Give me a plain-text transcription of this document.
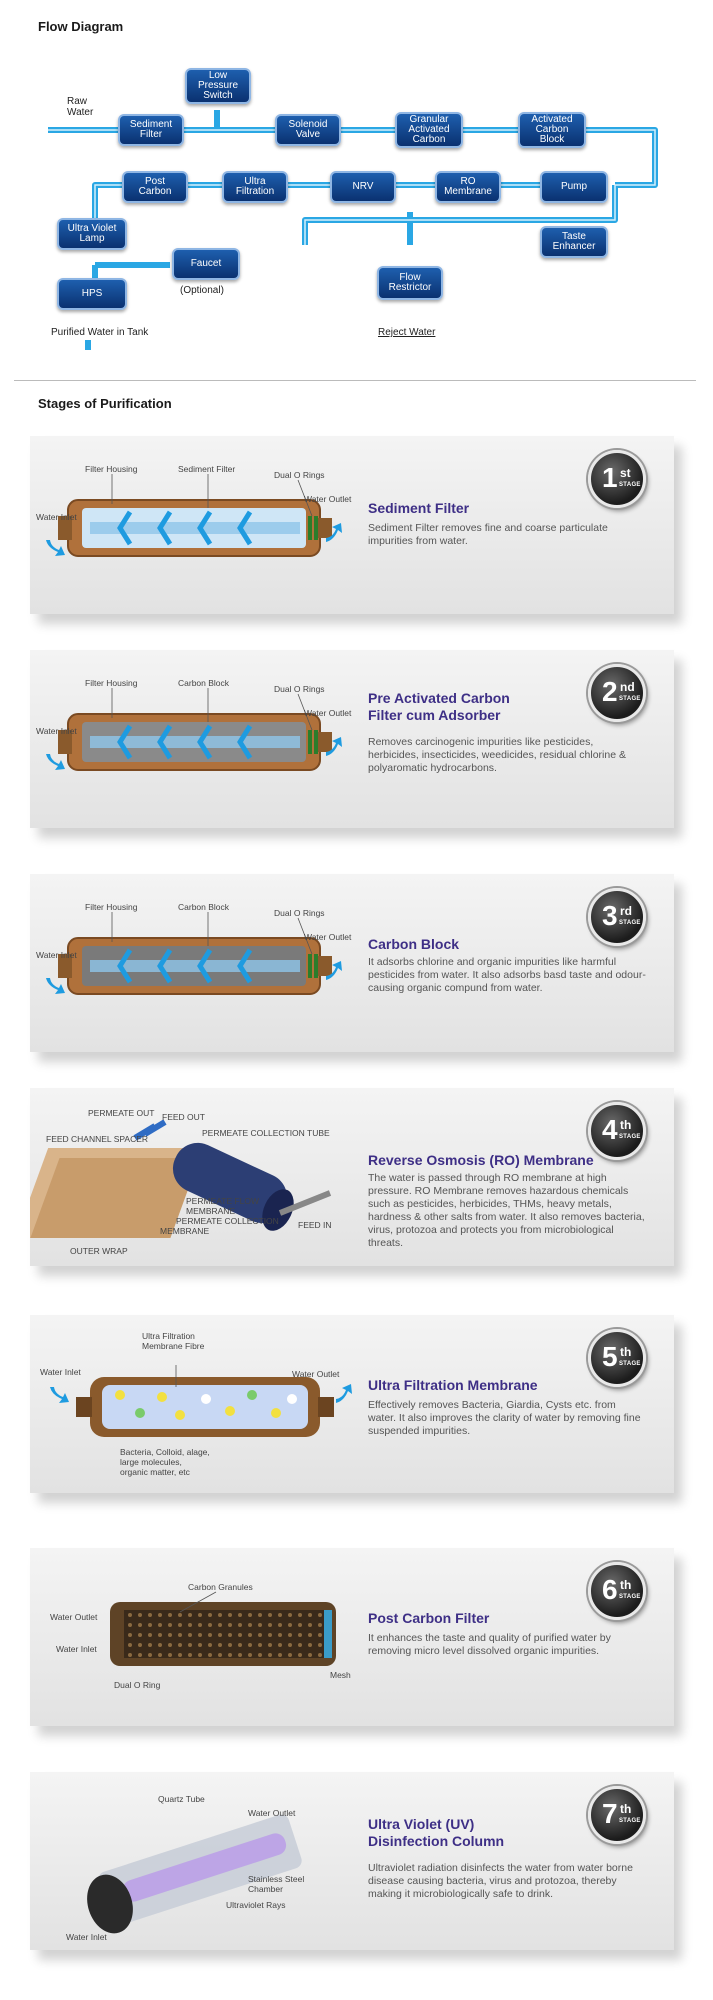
Flow Diagram
Low
Pressure
Switch
Sediment
Filter
Solenoid
Valve
Granular
Activated
Carbon
Activated
Carbon
Block
Post
Carbon
Ultra
Filtration	NRV	RO
Membrane	Pump
Ultra Violet
Lamp
Faucet
Taste
Enhancer
HPS
Flow
Restrictor
Raw
Water
(Optional)
Purified Water in Tank	Reject Water
Stages of Purification
Filter Housing	Sediment Filter
Dual O Rings
Water Inlet
Water Outlet
Sediment Filter
Sediment Filter removes fine and coarse particulate impurities from water.
1 st
STAGE
Filter Housing	Carbon Block
Dual O Rings
Water Inlet
Water Outlet
Pre Activated Carbon
Filter cum Adsorber
Removes carcinogenic impurities like pesticides, herbicides, insecticides, weedicides, residual chlorine & polyaromatic hydrocarbons.
2 nd
STAGE
Filter Housing	Carbon Block
Dual O Rings
Water Inlet
Water Outlet Carbon Block
It adsorbs chlorine and organic impurities like harmful pesticides from water. It also adsorbs basd taste and odour-causing organic compund from water.
3 rd
STAGE
PERMEATE OUT FEED OUT
PERMEATE COLLECTION TUBE
FEED CHANNEL SPACER
PERMEATE FLOW
MEMBRANE
PERMEATE COLLECTION
MEMBRANE
OUTER WRAP
FEED IN
Reverse Osmosis (RO) Membrane
The water is passed through RO membrane at high pressure. RO Membrane removes hazardous chemicals such as pesticides, herbicides, THMs, heavy metals, hardness & other salts from water. It also removes bacteria, virus, protozoa and protects you from microbiological threats.
4 th
STAGE
Ultra Filtration Membrane Fibre
Water Inlet	Water Outlet
Bacteria, Colloid, alage, large molecules, organic matter, etc
Ultra Filtration Membrane
Effectively removes Bacteria, Giardia, Cysts etc. from water. It also improves the clarity of water by removing fine suspended impurities.
5 th
STAGE
Carbon Granules
Water Outlet
Water Inlet
Dual O Ring
Mesh
Post Carbon Filter
It enhances the taste and quality of purified water by removing micro level dissolved organic impurities.
6 th
STAGE
Quartz Tube
Water Outlet
Stainless Steel Chamber
Ultraviolet Rays
Water Inlet
Ultra Violet (UV)
Disinfection Column
Ultraviolet radiation disinfects the water from water borne disease causing bacteria, virus and protozoa, thereby making it microbiologically safe to drink.
7 th
STAGE
